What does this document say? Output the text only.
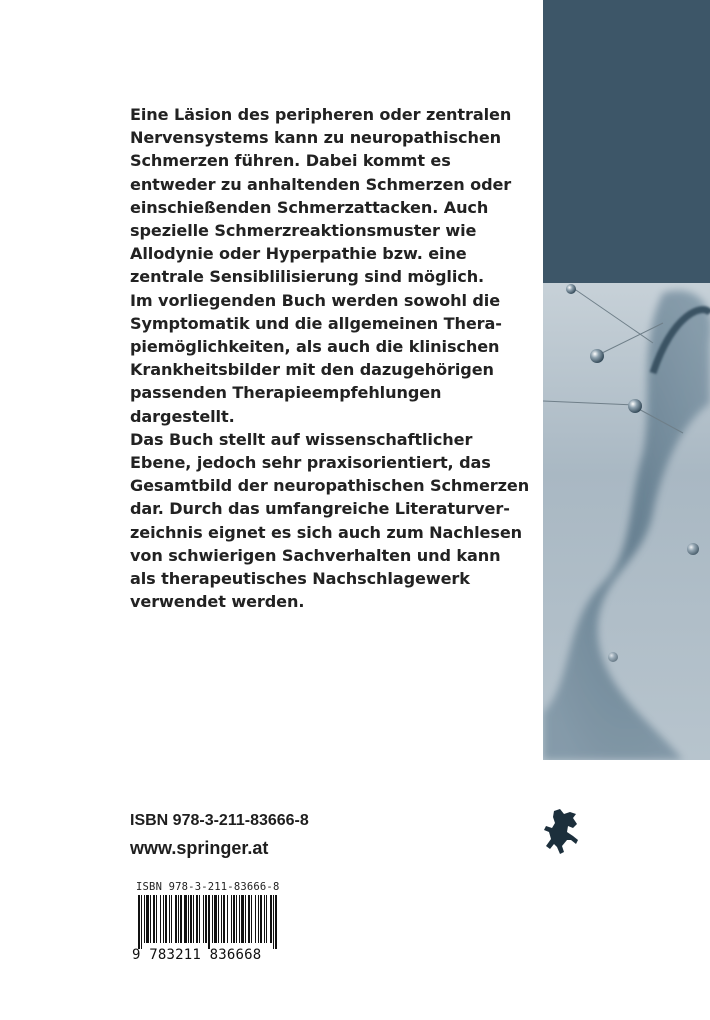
Eine Läsion des peripheren oder zentralen
Nervensystems kann zu neuropathischen
Schmerzen führen. Dabei kommt es
entweder zu anhaltenden Schmerzen oder
einschießenden Schmerzattacken. Auch
spezielle Schmerzreaktionsmuster wie
Allodynie oder Hyperpathie bzw. eine
zentrale Sensiblilisierung sind möglich.
Im vorliegenden Buch werden sowohl die
Symptomatik und die allgemeinen Thera-
piemöglichkeiten, als auch die klinischen
Krankheitsbilder mit den dazugehörigen
passenden Therapieempfehlungen
dargestellt.
Das Buch stellt auf wissenschaftlicher
Ebene, jedoch sehr praxisorientiert, das
Gesamtbild der neuropathischen Schmerzen
dar. Durch das umfangreiche Literaturver-
zeichnis eignet es sich auch zum Nachlesen
von schwierigen Sachverhalten und kann
als therapeutisches Nachschlagewerk
verwendet werden.
ISBN 978-3-211-83666-8
www.springer.at
ISBN 978-3-211-83666-8
9 783211 836668
